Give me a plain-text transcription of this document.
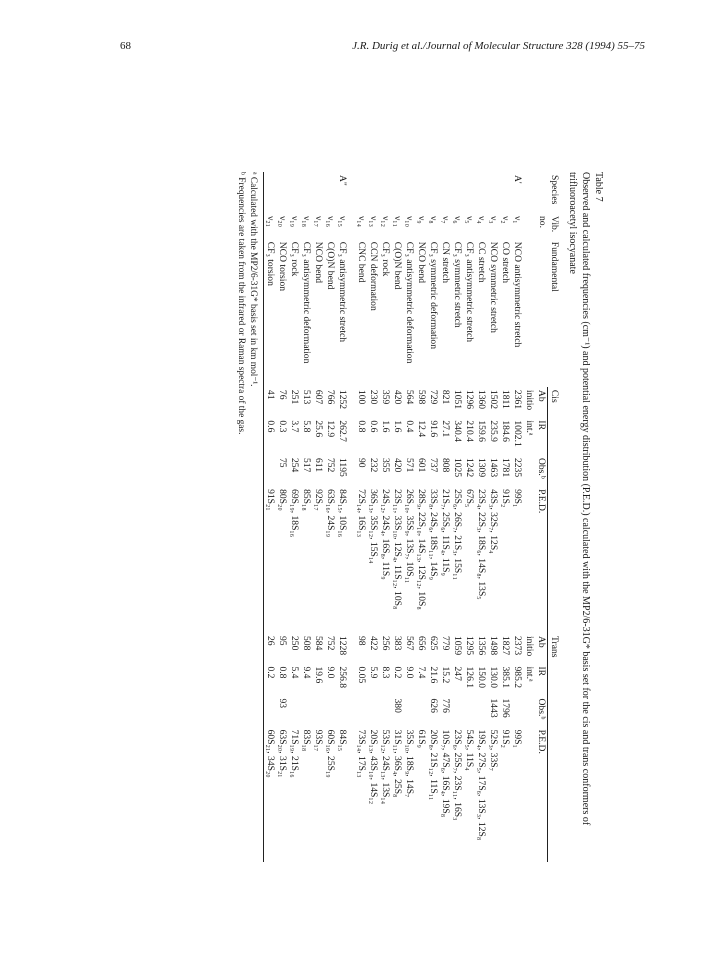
68	J.R. Durig et al./Journal of Molecular Structure 328 (1994) 55–75
Table 7
Observed and calculated frequencies (cm⁻¹) and potential energy distribution (P.E.D.) calculated with the MP2/6-31G* basis set for the cis and trans conformers of
trifluoroacetyl isocyanate
Species	Vib.	Fundamental	Cis				Trans			
	no.		Ab	IR	Obs.ᵇ	P.E.D.	Ab	IR	Obs.ᵇ	P.E.D.
			initio	int.ᵃ			initio	int.ᵃ		
A'	ν₁	NCO antisymmetric stretch	2361	1002.1	2235	99S₁	2373	985.2		99S₁
	ν₂	CO stretch	1811	184.6	1781	91S₂	1827	385.1	1796	91S₂
	ν₃	NCO symmetric stretch	1502	235.9	1463	43S₃, 32S₇, 12S₄	1498	130.0	1443	52S₃, 33S₇
	ν₄	CC stretch	1360	159.6	1309	23S₄, 22S₃, 18S₆, 14S₈, 13S₅	1356	150.0		19S₄, 27S₅, 17S₆, 13S₃, 12S₈
	ν₅	CF₃ antisymmetric stretch	1296	210.4	1242	67S₅	1295	126.1		54S₅, 11S₄
	ν₆	CF₃ symmetric stretch	1051	340.4	1025	25S₆, 26S₇, 21S₃, 15S₁₁	1059	247		23S₆, 25S₇, 23S₁₁, 16S₃
	ν₇	CN stretch	821	27.1	808	21S₇, 25S₆, 11S₄, 11S₉	779	15.2	776	10S₇, 47S₆, 16S₄, 19S₈
	ν₈	CF₃ symmetric deformation	729	91.6	737	33S₈, 24S₆, 18S₁₁, 14S₉	625	21.6	626	20S₈, 21S₁₂, 11S₁₁
	ν₉	NCO bend	598	12.4	601	28S₉, 22S₁₀, 14S₁₃, 12S₁₂, 10S₈	656	7.4		61S₉
	ν₁₀	CF₃ antisymmetric deformation	564	0.4	571	26S₁₀, 35S₉, 13S₇, 10S₁₁	567	9.0		35S₁₀, 18S₉, 14S₇
	ν₁₁	C(O)N bend	420	1.6	420	23S₁₁, 33S₁₀, 12S₄, 11S₁₂, 10S₈	383	0.2	380	31S₁₁, 36S₄, 25S₈
	ν₁₂	CF₃ rock	359	1.6	355	24S₁₂, 24S₄, 16S₈, 11S₉	256	8.3		53S₁₂, 24S₁₃, 13S₁₄
	ν₁₃	CCN deformation	230	0.6	232	36S₁₃, 35S₁₂, 15S₁₄	422	5.9		20S₁₃, 43S₁₀, 14S₁₂
	ν₁₄	CNC bend	100	0.8	90	72S₁₄, 16S₁₃	98	0.05		73S₁₄, 17S₁₃

A"	ν₁₅	CF₃ antisymmetric stretch	1252	262.7	1195	84S₁₅, 10S₁₆	1228	256.8		84S₁₅
	ν₁₆	C(O)N bend	766	12.9	752	63S₁₆, 24S₁₉	752	9.0		60S₁₆, 25S₁₉
	ν₁₇	NCO bend	607	25.6	611	92S₁₇	584	19.6		93S₁₇
	ν₁₈	CF₃ antisymmetric deformation	513	5.8	517	85S₁₈	508	9.4		83S₁₈
	ν₁₉	CF₃ rock	251	3.7	254	69S₁₉, 18S₁₆	250	5.4		71S₁₉, 21S₁₆
	ν₂₀	NCO torsion	76	0.3	75	80S₂₀	95	0.8	93	63S₂₀, 31S₂₁
	ν₂₁	CF₃ torsion	41	0.6		91S₂₁	26	0.2		60S₂₁, 34S₂₀
ᵃ Calculated with the MP2/6-31G* basis set in km mol⁻¹.
ᵇ Frequencies are taken from the infrared or Raman spectra of the gas.
